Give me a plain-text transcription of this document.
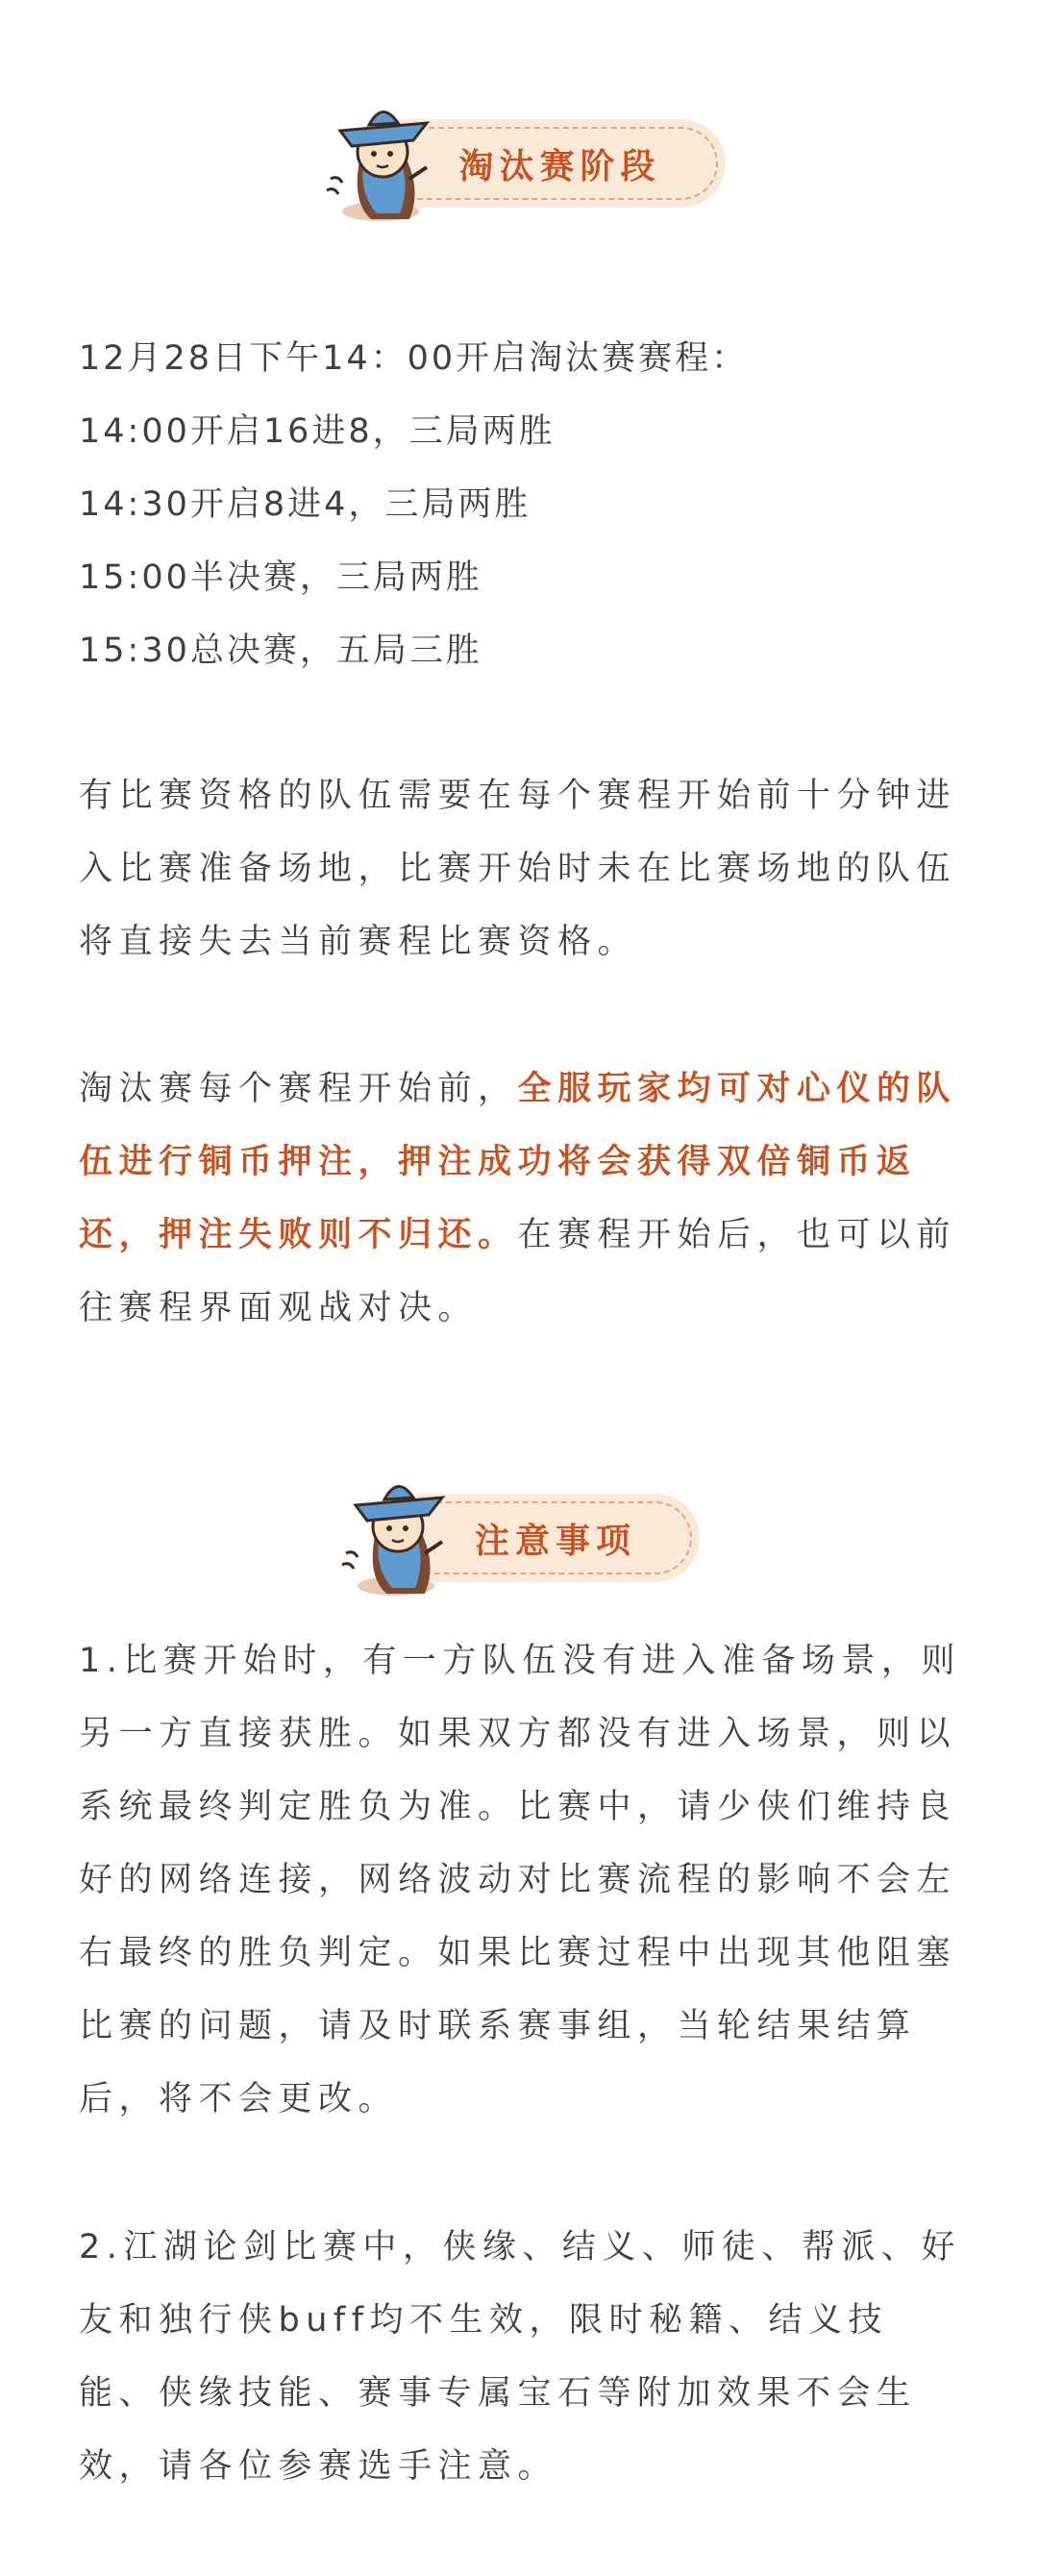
淘汰赛阶段
12月28日下午14：00开启淘汰赛赛程：
14:00开启16进8，三局两胜
14:30开启8进4，三局两胜
15:00半决赛，三局两胜
15:30总决赛，五局三胜
有比赛资格的队伍需要在每个赛程开始前十分钟进入比赛准备场地，比赛开始时未在比赛场地的队伍将直接失去当前赛程比赛资格。
淘汰赛每个赛程开始前，全服玩家均可对心仪的队伍进行铜币押注，押注成功将会获得双倍铜币返还，押注失败则不归还。在赛程开始后，也可以前往赛程界面观战对决。
注意事项
1.比赛开始时，有一方队伍没有进入准备场景，则另一方直接获胜。如果双方都没有进入场景，则以系统最终判定胜负为准。比赛中，请少侠们维持良好的网络连接，网络波动对比赛流程的影响不会左右最终的胜负判定。如果比赛过程中出现其他阻塞比赛的问题，请及时联系赛事组，当轮结果结算后，将不会更改。
2.江湖论剑比赛中，侠缘、结义、师徒、帮派、好友和独行侠buff均不生效，限时秘籍、结义技能、侠缘技能、赛事专属宝石等附加效果不会生效，请各位参赛选手注意。
